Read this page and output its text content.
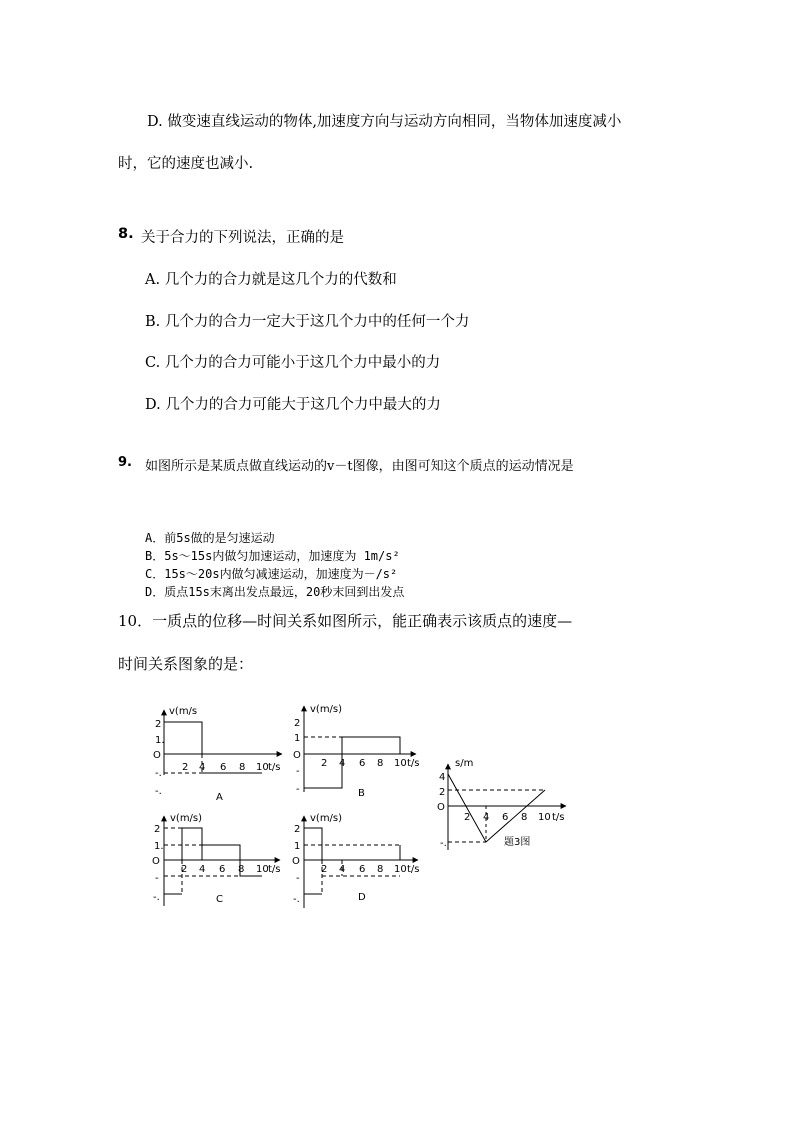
D. 做变速直线运动的物体,加速度方向与运动方向相同，当物体加速度减小
时，它的速度也减小.
8. 关于合力的下列说法，正确的是
A. 几个力的合力就是这几个力的代数和
B. 几个力的合力一定大于这几个力中的任何一个力
C. 几个力的合力可能小于这几个力中最小的力
D. 几个力的合力可能大于这几个力中最大的力
9. 如图所示是某质点做直线运动的v－t图像，由图可知这个质点的运动情况是
A．前5s做的是匀速运动
B．5s～15s内做匀加速运动，加速度为 1m/s²
C．15s～20s内做匀减速运动，加速度为－/s²
D．质点15s末离出发点最远，20秒末回到出发点
10．一质点的位移—时间关系如图所示，能正确表示该质点的速度—
时间关系图象的是：
v(m/s
2
1.
O
-.
-.
2 4 6 8 10 t/s
A
v(m/s)
2
1
O
-
-
2 4 6 8 10 t/s
B
v(m/s)
2
1.
O
-
-.
2 4 6 8 10 t/s
C
v(m/s)
2
1
O
-
-.
2 4 6 8 10 t/s
D
s/m
4
2
O
-.
2 4 6 8 10 t/s
题3图
